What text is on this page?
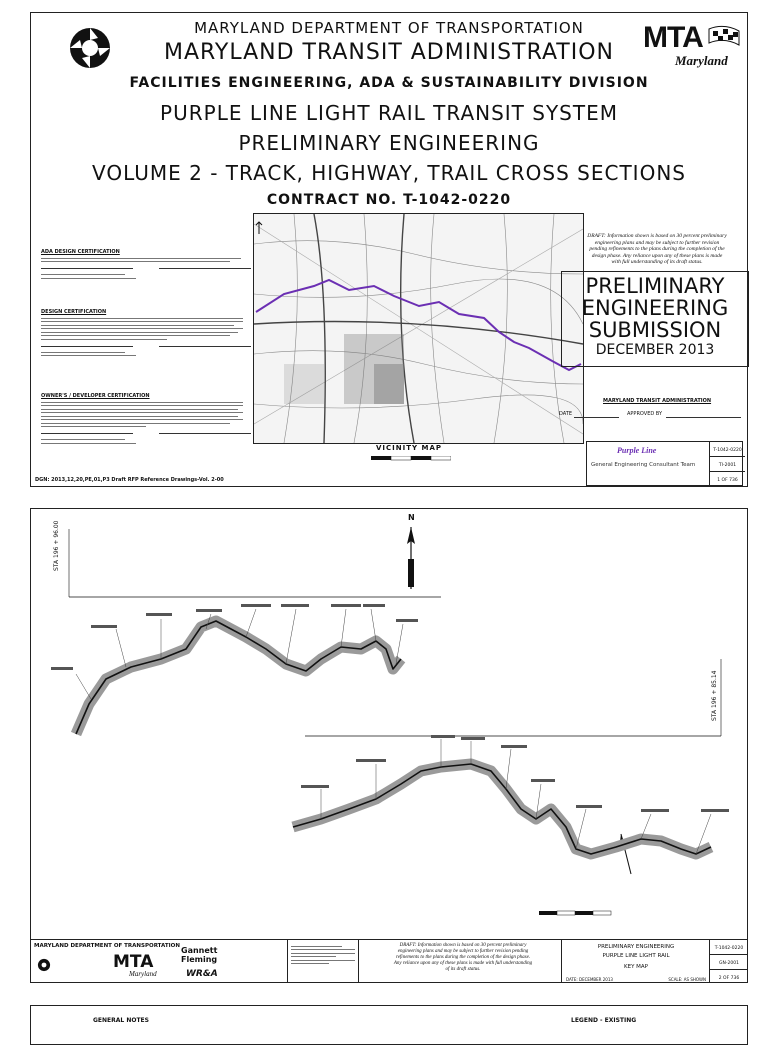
MTA
Maryland
MARYLAND DEPARTMENT OF TRANSPORTATION
MARYLAND TRANSIT ADMINISTRATION
FACILITIES ENGINEERING, ADA & SUSTAINABILITY DIVISION
PURPLE LINE LIGHT RAIL TRANSIT SYSTEM
PRELIMINARY ENGINEERING
VOLUME 2 - TRACK, HIGHWAY, TRAIL CROSS SECTIONS
CONTRACT NO. T-1042-0220
ADA DESIGN CERTIFICATION
DESIGN CERTIFICATION
OWNER'S / DEVELOPER CERTIFICATION
VICINITY MAP
DRAFT: Information shown is based on 30 percent preliminary engineering plans and may be subject to further revision pending refinements to the plans during the completion of the design phase. Any reliance upon any of these plans is made with full understanding of its draft status.
PRELIMINARY
ENGINEERING
SUBMISSION
DECEMBER 2013
MARYLAND TRANSIT ADMINISTRATION
DATE	APPROVED BY
Purple Line
General Engineering Consultant Team
T-1042-0220
TI-2001
1 OF 736
DGN: 2013,12,20,PE,01,P3 Draft RFP Reference Drawings-Vol. 2-00
STA 196 + 96.00
STA 196 + 85.14
N
MARYLAND DEPARTMENT OF TRANSPORTATION
MTA
Maryland
Gannett Fleming
WR&A
DRAFT: Information shown is based on 30 percent preliminary engineering plans and may be subject to further revision pending refinements to the plans during the completion of the design phase. Any reliance upon any of these plans is made with full understanding of its draft status.
PRELIMINARY ENGINEERING
PURPLE LINE LIGHT RAIL
KEY MAP
DATE: DECEMBER 2013	SCALE: AS SHOWN
T-1042-0220
GN-2001
2 OF 736
GENERAL NOTES	LEGEND - EXISTING
